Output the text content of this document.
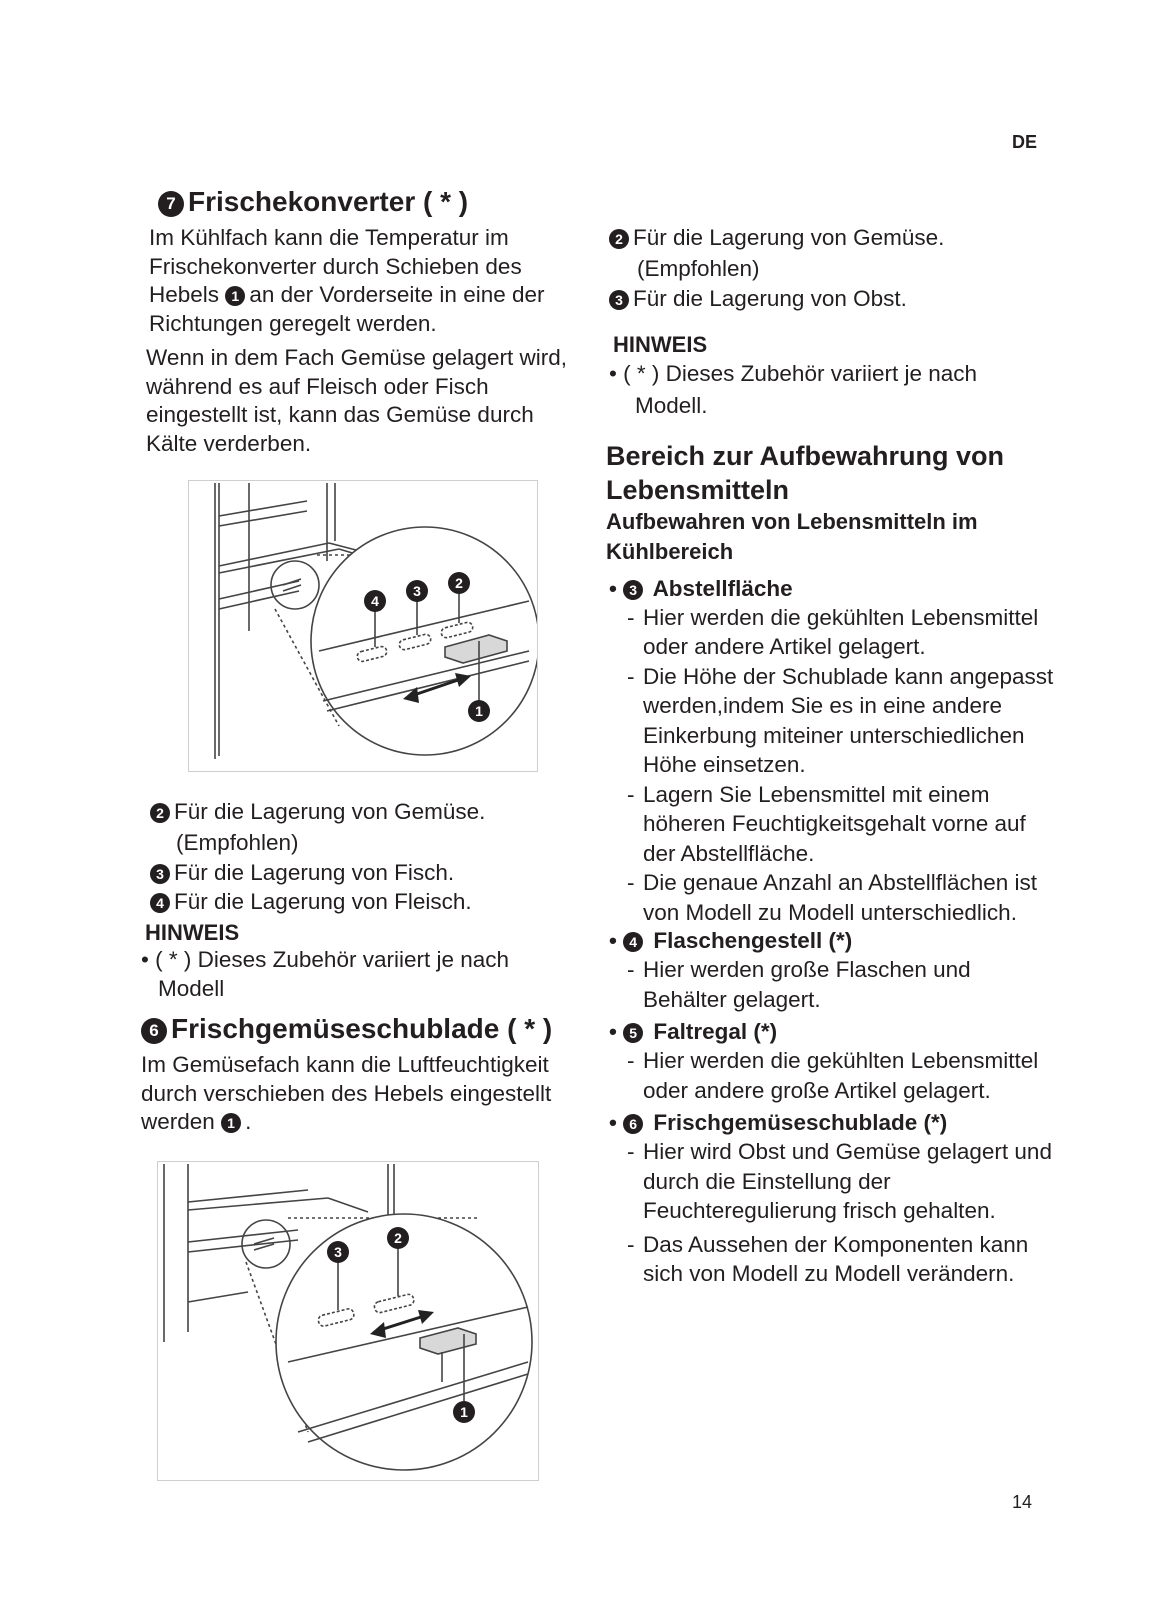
DE
7 Frischekonverter ( * )
Im Kühlfach kann die Temperatur im Frischekonverter durch Schieben des Hebels 1 an der Vorderseite in eine der Richtungen geregelt werden.
Wenn in dem Fach Gemüse gelagert wird, während es auf Fleisch oder Fisch eingestellt ist, kann das Gemüse durch Kälte verderben.
4
3 2
1
2 Für die Lagerung von Gemüse.
(Empfohlen)
3 Für die Lagerung von Fisch.
4 Für die Lagerung von Fleisch.
HINWEIS
• ( * ) Dieses Zubehör variiert je nach
Modell
6 Frischgemüseschublade ( * )
Im Gemüsefach kann die Luftfeuchtigkeit durch verschieben des Hebels eingestellt werden 1 .
3
2
1
2 Für die Lagerung von Gemüse.
(Empfohlen)
3 Für die Lagerung von Obst.
HINWEIS
• ( * ) Dieses Zubehör variiert je nach
Modell.
Bereich zur Aufbewahrung von Lebensmitteln
Aufbewahren von Lebensmitteln im Kühlbereich
• 3 Abstellfläche
- Hier werden die gekühlten Lebensmittel oder andere Artikel gelagert.
- Die Höhe der Schublade kann angepasst werden,indem Sie es in eine andere Einkerbung miteiner unterschiedlichen Höhe einsetzen.
- Lagern Sie Lebensmittel mit einem höheren Feuchtigkeitsgehalt vorne auf der Abstellfläche.
- Die genaue Anzahl an Abstellflächen ist von Modell zu Modell unterschiedlich.
• 4 Flaschengestell (*)
- Hier werden große Flaschen und Behälter gelagert.
• 5 Faltregal (*)
- Hier werden die gekühlten Lebensmittel oder andere große Artikel gelagert.
• 6 Frischgemüseschublade (*)
- Hier wird Obst und Gemüse gelagert und durch die Einstellung der Feuchteregulierung frisch gehalten.
- Das Aussehen der Komponenten kann sich von Modell zu Modell verändern.
14
